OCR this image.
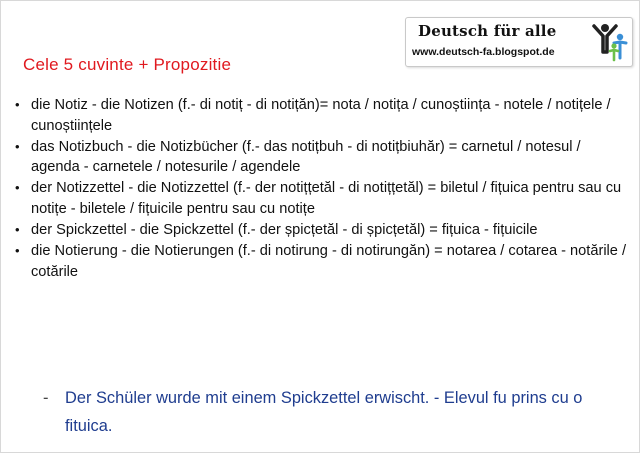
Deutsch für alle
www.deutsch-fa.blogspot.de
Cele 5 cuvinte + Propozitie
• die Notiz - die Notizen (f.- di notiț - di notițăn)= nota / notița / cunoștiința - notele / notițele / cunoștiințele
• das Notizbuch - die Notizbücher (f.- das notițbuh - di notițbiuhăr) = carnetul / notesul / agenda - carnetele / notesurile / agendele
• der Notizzettel - die Notizzettel (f.- der notițțetăl - di notițțetăl) = biletul / fițuica pentru sau cu notițe - biletele / fițuicile pentru sau cu notițe
• der Spickzettel - die Spickzettel (f.- der șpicțetăl - di șpicțetăl) = fițuica - fițuicile
• die Notierung - die Notierungen (f.- di notirung - di notirungăn) = notarea / cotarea - notările / cotările
-	Der Schüler wurde mit einem Spickzettel erwischt. - Elevul fu prins cu o fituica.
